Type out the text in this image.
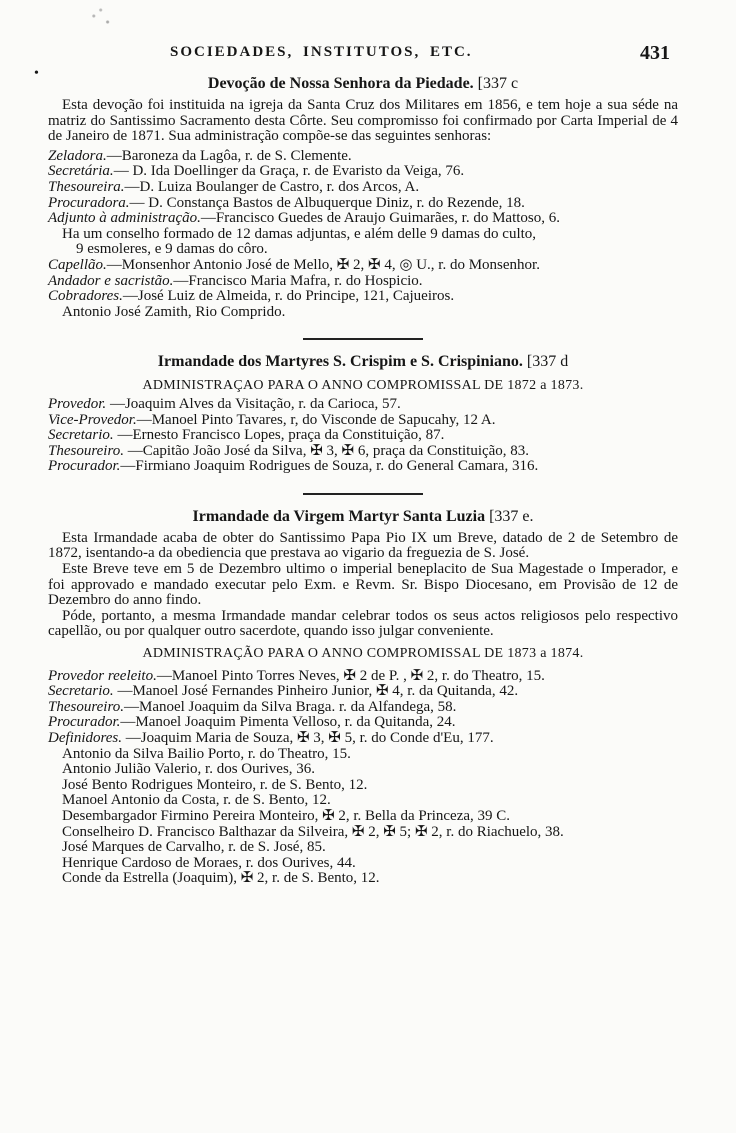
•
SOCIEDADES, INSTITUTOS, ETC.	431
Devoção de Nossa Senhora da Piedade. [337 c

Esta devoção foi instituida na igreja da Santa Cruz dos Militares em 1856, e tem hoje a sua séde na matriz do Santissimo Sacramento desta Côrte. Seu compromisso foi confirmado por Carta Imperial de 4 de Janeiro de 1871. Sua administração compõe-se das seguintes senhoras:

Zeladora.—Baroneza da Lagôa, r. de S. Clemente.

Secretária.— D. Ida Doellinger da Graça, r. de Evaristo da Veiga, 76.

Thesoureira.—D. Luiza Boulanger de Castro, r. dos Arcos, A.

Procuradora.— D. Constança Bastos de Albuquerque Diniz, r. do Rezende, 18.

Adjunto à administração.—Francisco Guedes de Araujo Guimarães, r. do Mattoso, 6.

Ha um conselho formado de 12 damas adjuntas, e além delle 9 damas do culto,

9 esmoleres, e 9 damas do côro.

Capellão.—Monsenhor Antonio José de Mello, ✠ 2, ✠ 4, ◎ U., r. do Monsenhor.

Andador e sacristão.—Francisco Maria Mafra, r. do Hospicio.

Cobradores.—José Luiz de Almeida, r. do Principe, 121, Cajueiros.

Antonio José Zamith, Rio Comprido.

Irmandade dos Martyres S. Crispim e S. Crispiniano. [337 d
ADMINISTRAÇAO PARA O ANNO COMPROMISSAL DE 1872 a 1873.

Provedor. —Joaquim Alves da Visitação, r. da Carioca, 57.

Vice-Provedor.—Manoel Pinto Tavares, r, do Visconde de Sapucahy, 12 A.

Secretario. —Ernesto Francisco Lopes, praça da Constituição, 87.

Thesoureiro. —Capitão João José da Silva, ✠ 3, ✠ 6, praça da Constituição, 83.

Procurador.—Firmiano Joaquim Rodrigues de Souza, r. do General Camara, 316.

Irmandade da Virgem Martyr Santa Luzia [337 e.

Esta Irmandade acaba de obter do Santissimo Papa Pio IX um Breve, datado de 2 de Setembro de 1872, isentando-a da obediencia que prestava ao vigario da freguezia de S. José.

Este Breve teve em 5 de Dezembro ultimo o imperial beneplacito de Sua Magestade o Imperador, e foi approvado e mandado executar pelo Exm. e Revm. Sr. Bispo Diocesano, em Provisão de 12 de Dezembro do anno findo.

Póde, portanto, a mesma Irmandade mandar celebrar todos os seus actos religiosos pelo respectivo capellão, ou por qualquer outro sacerdote, quando isso julgar conveniente.

ADMINISTRAÇÃO PARA O ANNO COMPROMISSAL DE 1873 a 1874.

Provedor reeleito.—Manoel Pinto Torres Neves, ✠ 2 de P. , ✠ 2, r. do Theatro, 15.

Secretario. —Manoel José Fernandes Pinheiro Junior, ✠ 4, r. da Quitanda, 42.

Thesoureiro.—Manoel Joaquim da Silva Braga. r. da Alfandega, 58.

Procurador.—Manoel Joaquim Pimenta Velloso, r. da Quitanda, 24.

Definidores. —Joaquim Maria de Souza, ✠ 3, ✠ 5, r. do Conde d'Eu, 177.

Antonio da Silva Bailio Porto, r. do Theatro, 15.

Antonio Julião Valerio, r. dos Ourives, 36.

José Bento Rodrigues Monteiro, r. de S. Bento, 12.

Manoel Antonio da Costa, r. de S. Bento, 12.

Desembargador Firmino Pereira Monteiro, ✠ 2, r. Bella da Princeza, 39 C.

Conselheiro D. Francisco Balthazar da Silveira, ✠ 2, ✠ 5; ✠ 2, r. do Riachuelo, 38.

José Marques de Carvalho, r. de S. José, 85.

Henrique Cardoso de Moraes, r. dos Ourives, 44.

Conde da Estrella (Joaquim), ✠ 2, r. de S. Bento, 12.
